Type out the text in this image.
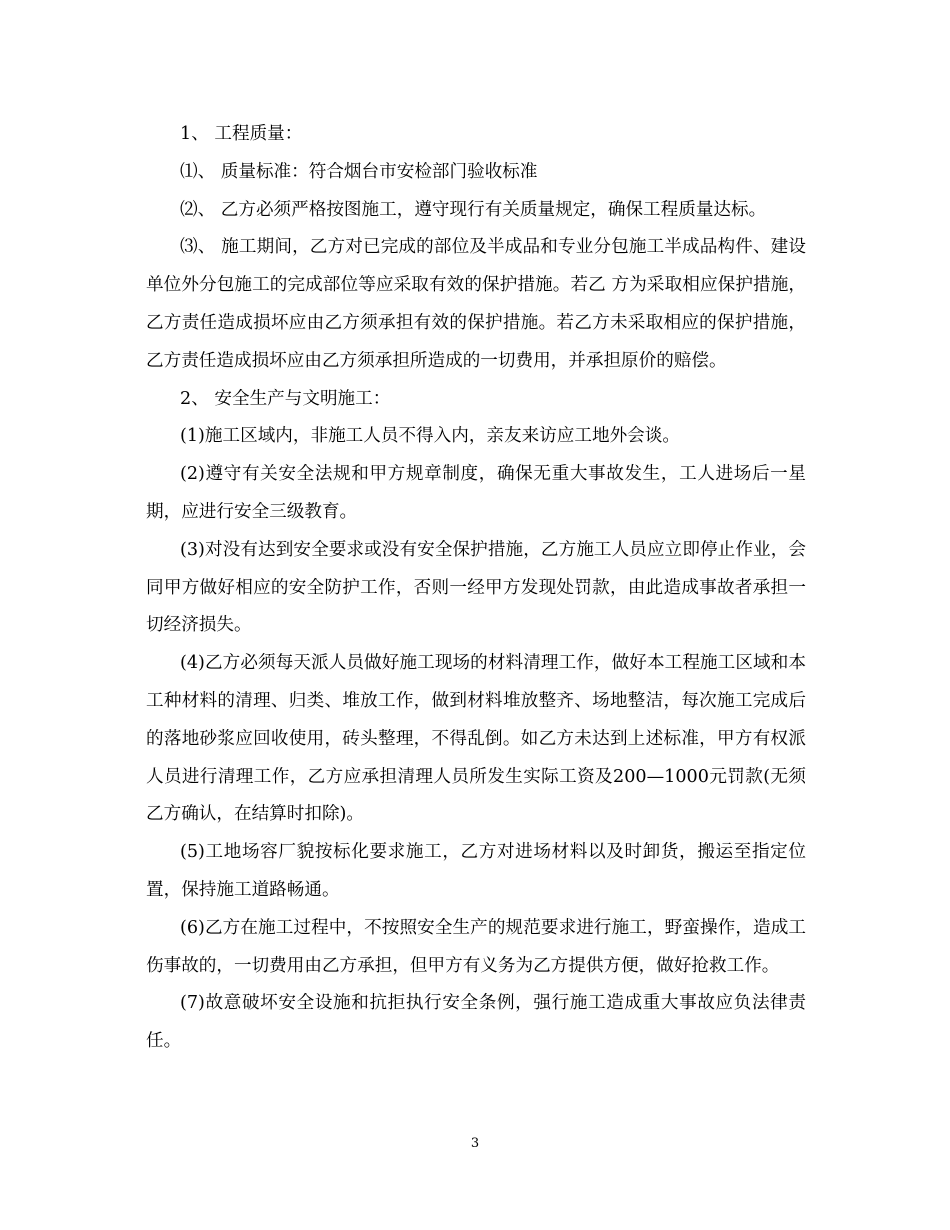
1、 工程质量：

⑴、 质量标准：符合烟台市安检部门验收标准

⑵、 乙方必须严格按图施工，遵守现行有关质量规定，确保工程质量达标。

⑶、 施工期间，乙方对已完成的部位及半成品和专业分包施工半成品构件、建设单位外分包施工的完成部位等应采取有效的保护措施。若乙 方为采取相应保护措施，乙方责任造成损坏应由乙方须承担有效的保护措施。若乙方未采取相应的保护措施，乙方责任造成损坏应由乙方须承担所造成的一切费用，并承担原价的赔偿。

2、 安全生产与文明施工：

(1)施工区域内，非施工人员不得入内，亲友来访应工地外会谈。

(2)遵守有关安全法规和甲方规章制度，确保无重大事故发生，工人进场后一星期，应进行安全三级教育。

(3)对没有达到安全要求或没有安全保护措施，乙方施工人员应立即停止作业，会同甲方做好相应的安全防护工作，否则一经甲方发现处罚款，由此造成事故者承担一切经济损失。

(4)乙方必须每天派人员做好施工现场的材料清理工作，做好本工程施工区域和本工种材料的清理、归类、堆放工作，做到材料堆放整齐、场地整洁，每次施工完成后的落地砂浆应回收使用，砖头整理，不得乱倒。如乙方未达到上述标准，甲方有权派人员进行清理工作，乙方应承担清理人员所发生实际工资及200—1000元罚款(无须乙方确认，在结算时扣除)。

(5)工地场容厂貌按标化要求施工，乙方对进场材料以及时卸货，搬运至指定位置，保持施工道路畅通。

(6)乙方在施工过程中，不按照安全生产的规范要求进行施工，野蛮操作，造成工伤事故的，一切费用由乙方承担，但甲方有义务为乙方提供方便，做好抢救工作。

(7)故意破坏安全设施和抗拒执行安全条例，强行施工造成重大事故应负法律责任。

3
